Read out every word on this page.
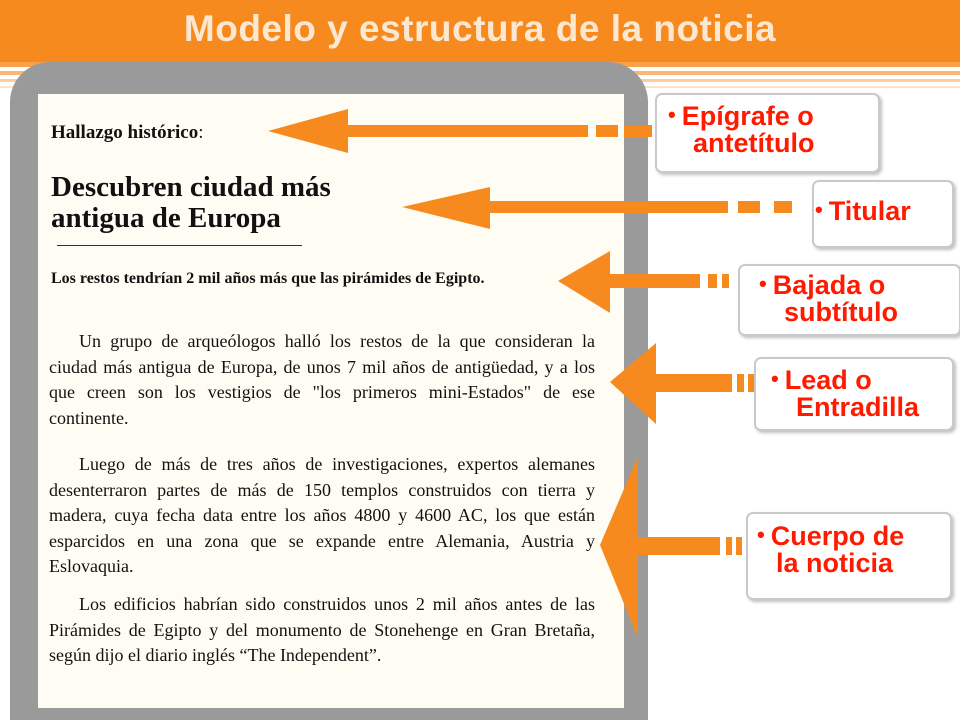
Modelo y estructura de la noticia
Hallazgo histórico:
Descubren ciudad más antigua de Europa
Los restos tendrían 2 mil años más que las pirámides de Egipto.
Un grupo de arqueólogos halló los restos de la que consideran la ciudad más antigua de Europa, de unos 7 mil años de antigüedad, y a los que creen son los vestigios de "los primeros mini-Estados" de ese continente.
Luego de más de tres años de investigaciones, expertos alemanes desenterraron partes de más de 150 templos construidos con tierra y madera, cuya fecha data entre los años 4800 y 4600 AC, los que están esparcidos en una zona que se expande entre Alemania, Austria y Eslovaquia.
Los edificios habrían sido construidos unos 2 mil años antes de las Pirámides de Egipto y del monumento de Stonehenge en Gran Bretaña, según dijo el diario inglés “The Independent”.
• Epígrafe o
antetítulo
• Titular
• Bajada o
subtítulo
• Lead o
Entradilla
• Cuerpo de
la noticia
